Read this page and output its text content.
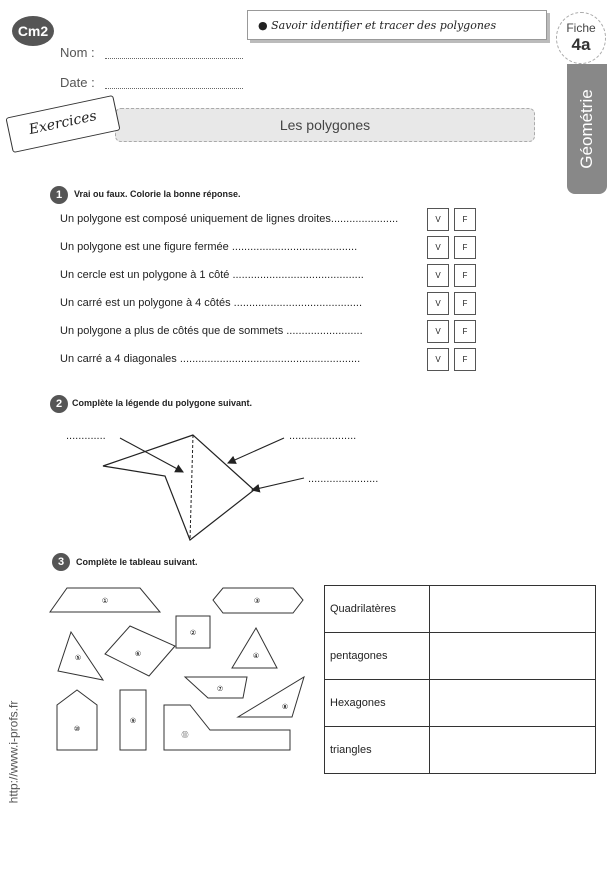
Cm2
Nom :
Date :
● Savoir identifier et tracer des polygones	Fiche
4a
Géométrie
Les polygones
Exercices
1	Vrai ou faux. Colorie la bonne réponse.
Un polygone est composé uniquement de lignes droites......................	V	F
Un polygone est une figure fermée .........................................	V	F
Un cercle est un polygone à 1 côté ...........................................	V	F
Un carré est un polygone à 4 côtés ..........................................	V	F
Un polygone a plus de côtés que de sommets .........................	V	F
Un carré a 4 diagonales ...........................................................	V	F
2	Complète la légende du polygone suivant.
.............	......................
.......................
3	Complète le tableau suivant.
①
②
③
④
⑤	⑥
⑦
⑧
⑨
⑩
⑪
Quadrilatères	
pentagones	
Hexagones	
triangles	
http://www.i-profs.fr
